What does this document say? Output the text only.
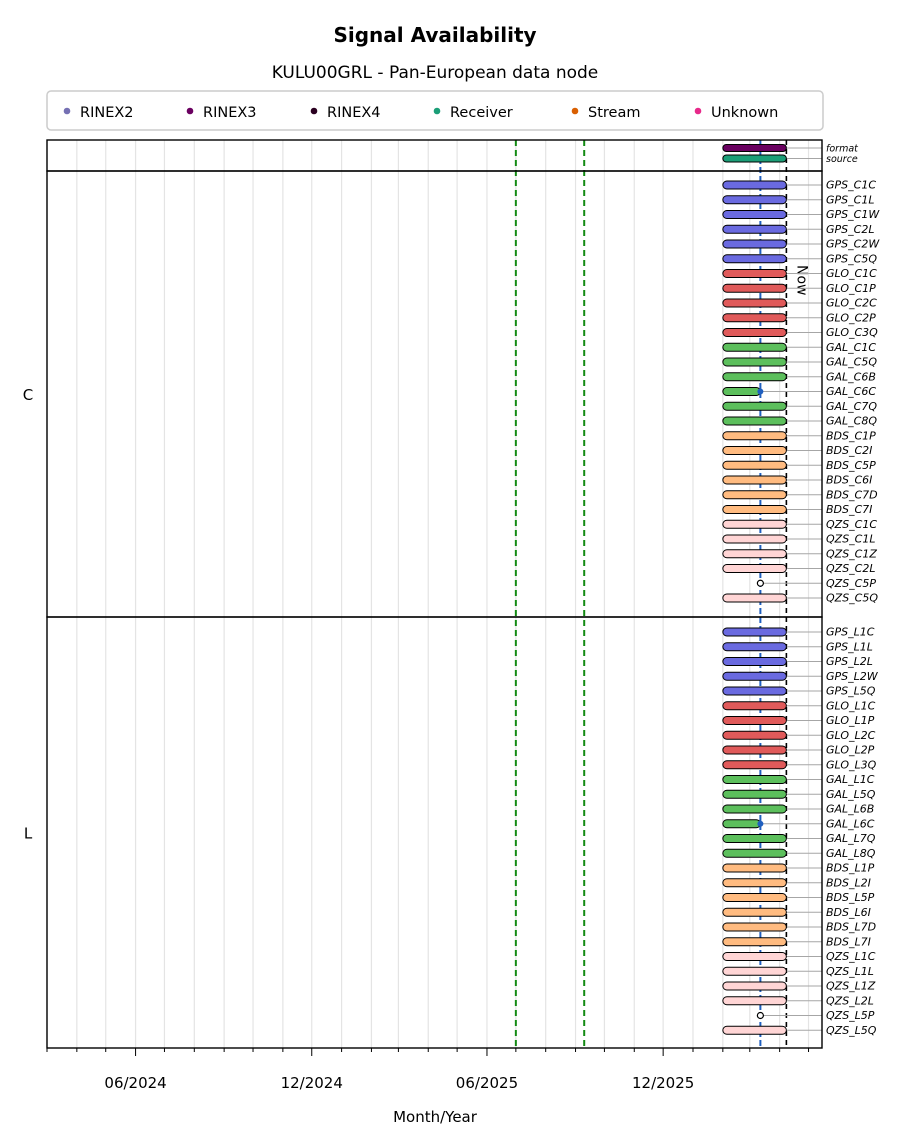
Signal Availability
KULU00GRL - Pan-European data node
RINEX2	RINEX3	RINEX4	Receiver	Stream	Unknown
Now
format
source
GPS_C1C
GPS_C1L
GPS_C1W
GPS_C2L
GPS_C2W
GPS_C5Q
GLO_C1C
GLO_C1P
GLO_C2C
GLO_C2P
GLO_C3Q
GAL_C1C
GAL_C5Q
GAL_C6B
GAL_C6C
GAL_C7Q
GAL_C8Q
BDS_C1P
BDS_C2I
BDS_C5P
BDS_C6I
BDS_C7D
BDS_C7I
QZS_C1C
QZS_C1L
QZS_C1Z
QZS_C2L
QZS_C5P
QZS_C5Q
GPS_L1C
GPS_L1L
GPS_L2L
GPS_L2W
GPS_L5Q
GLO_L1C
GLO_L1P
GLO_L2C
GLO_L2P
GLO_L3Q
GAL_L1C
GAL_L5Q
GAL_L6B
GAL_L6C
GAL_L7Q
GAL_L8Q
BDS_L1P
BDS_L2I
BDS_L5P
BDS_L6I
BDS_L7D
BDS_L7I
QZS_L1C
QZS_L1L
QZS_L1Z
QZS_L2L
QZS_L5P
QZS_L5Q
C
L
06/2024	12/2024	06/2025	12/2025
Month/Year
